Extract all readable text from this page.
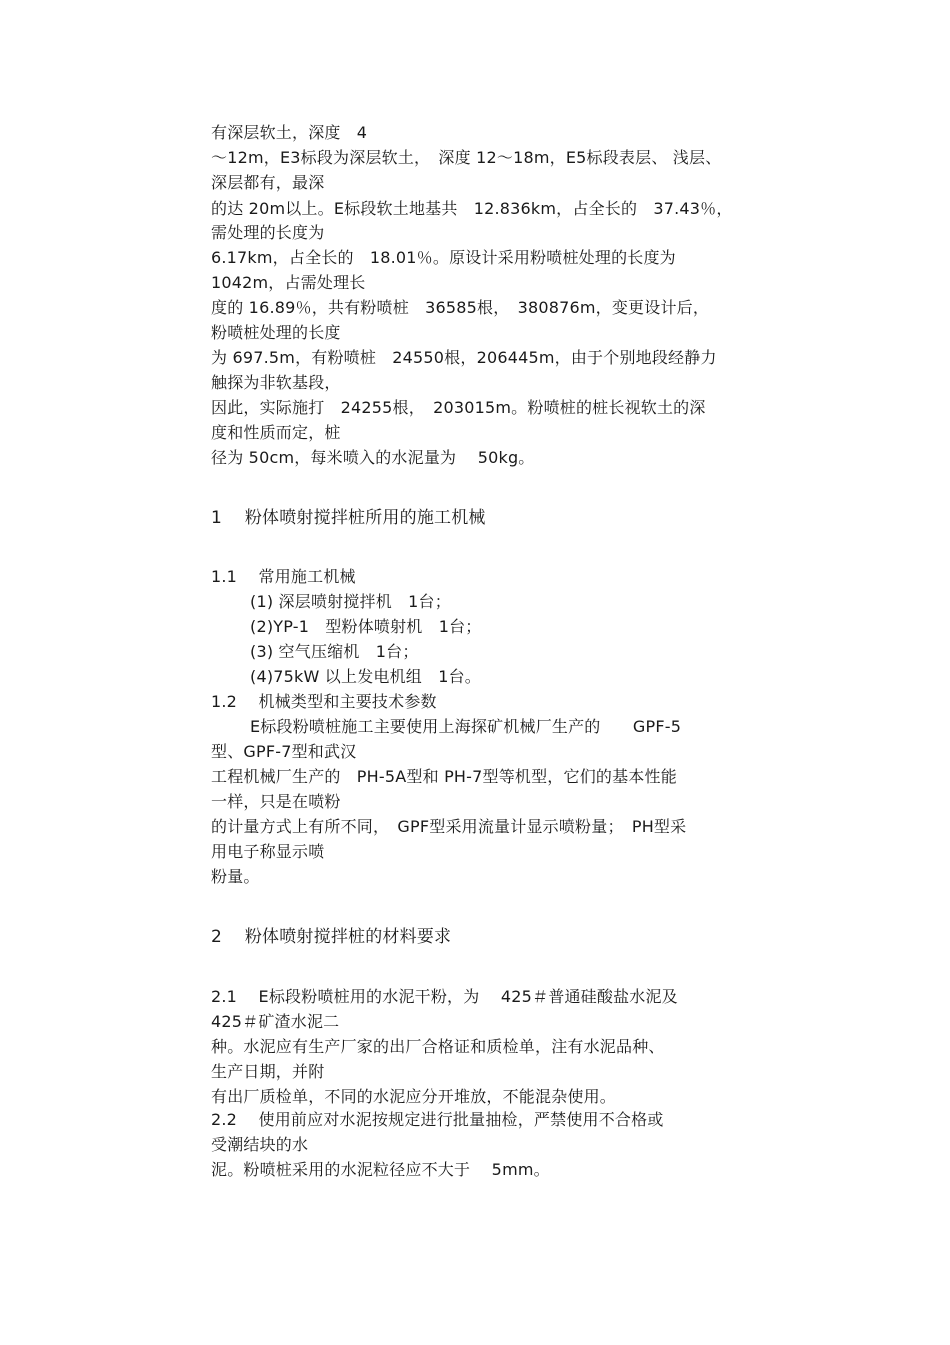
有深层软土，深度　4
～12m，E3标段为深层软土，　深度 12～18m，E5标段表层、 浅层、
深层都有，最深
的达 20m以上。E标段软土地基共　12.836km，占全长的　37.43％，
需处理的长度为
6.17km，占全长的　18.01％。原设计采用粉喷桩处理的长度为
1042m，占需处理长
度的 16.89％，共有粉喷桩　36585根，　380876m，变更设计后，
粉喷桩处理的长度
为 697.5m，有粉喷桩　24550根，206445m，由于个别地段经静力
触探为非软基段，
因此，实际施打　24255根，　203015m。粉喷桩的桩长视软土的深
度和性质而定，桩
径为 50cm，每米喷入的水泥量为　 50kg。
1　 粉体喷射搅拌桩所用的施工机械
1.1　 常用施工机械
(1) 深层喷射搅拌机　1台；
(2)YP-1　型粉体喷射机　1台；
(3) 空气压缩机　1台；
(4)75kW 以上发电机组　1台。
1.2　 机械类型和主要技术参数
E标段粉喷桩施工主要使用上海探矿机械厂生产的　　GPF-5
型、GPF-7型和武汉
工程机械厂生产的　PH-5A型和 PH-7型等机型，它们的基本性能
一样，只是在喷粉
的计量方式上有所不同，　GPF型采用流量计显示喷粉量；　PH型采
用电子称显示喷
粉量。
2　 粉体喷射搅拌桩的材料要求
2.1　 E标段粉喷桩用的水泥干粉，为　 425＃普通硅酸盐水泥及
425＃矿渣水泥二
种。水泥应有生产厂家的出厂合格证和质检单，注有水泥品种、
生产日期，并附
有出厂质检单，不同的水泥应分开堆放，不能混杂使用。
2.2　 使用前应对水泥按规定进行批量抽检，严禁使用不合格或
受潮结块的水
泥。粉喷桩采用的水泥粒径应不大于　 5mm。
